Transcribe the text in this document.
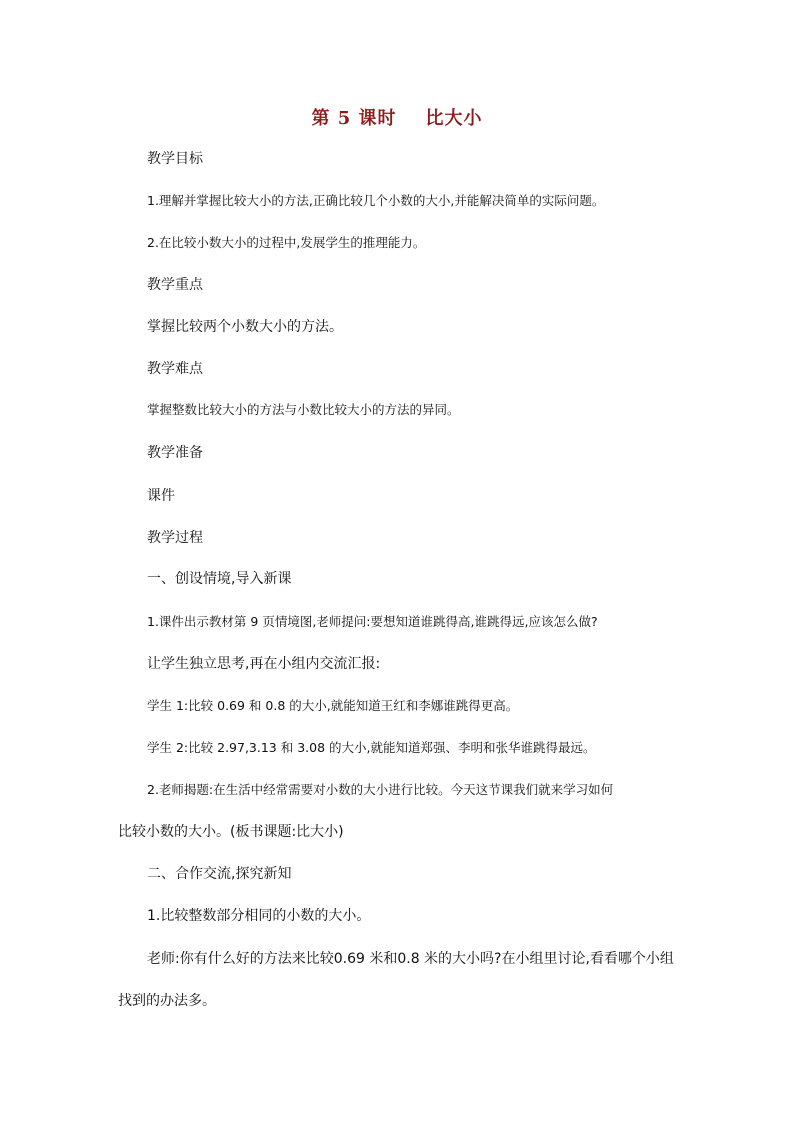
第 5 课时    比大小
教学目标
1.理解并掌握比较大小的方法,正确比较几个小数的大小,并能解决简单的实际问题。
2.在比较小数大小的过程中,发展学生的推理能力。
教学重点
掌握比较两个小数大小的方法。
教学难点
掌握整数比较大小的方法与小数比较大小的方法的异同。
教学准备
课件
教学过程
一、创设情境,导入新课
1.课件出示教材第 9 页情境图,老师提问:要想知道谁跳得高,谁跳得远,应该怎么做?
让学生独立思考,再在小组内交流汇报:
学生 1:比较 0.69 和 0.8 的大小,就能知道王红和李娜谁跳得更高。
学生 2:比较 2.97,3.13 和 3.08 的大小,就能知道郑强、李明和张华谁跳得最远。
2.老师揭题:在生活中经常需要对小数的大小进行比较。今天这节课我们就来学习如何
比较小数的大小。(板书课题:比大小)
二、合作交流,探究新知
1.比较整数部分相同的小数的大小。
老师:你有什么好的方法来比较0.69 米和0.8 米的大小吗?在小组里讨论,看看哪个小组
找到的办法多。
